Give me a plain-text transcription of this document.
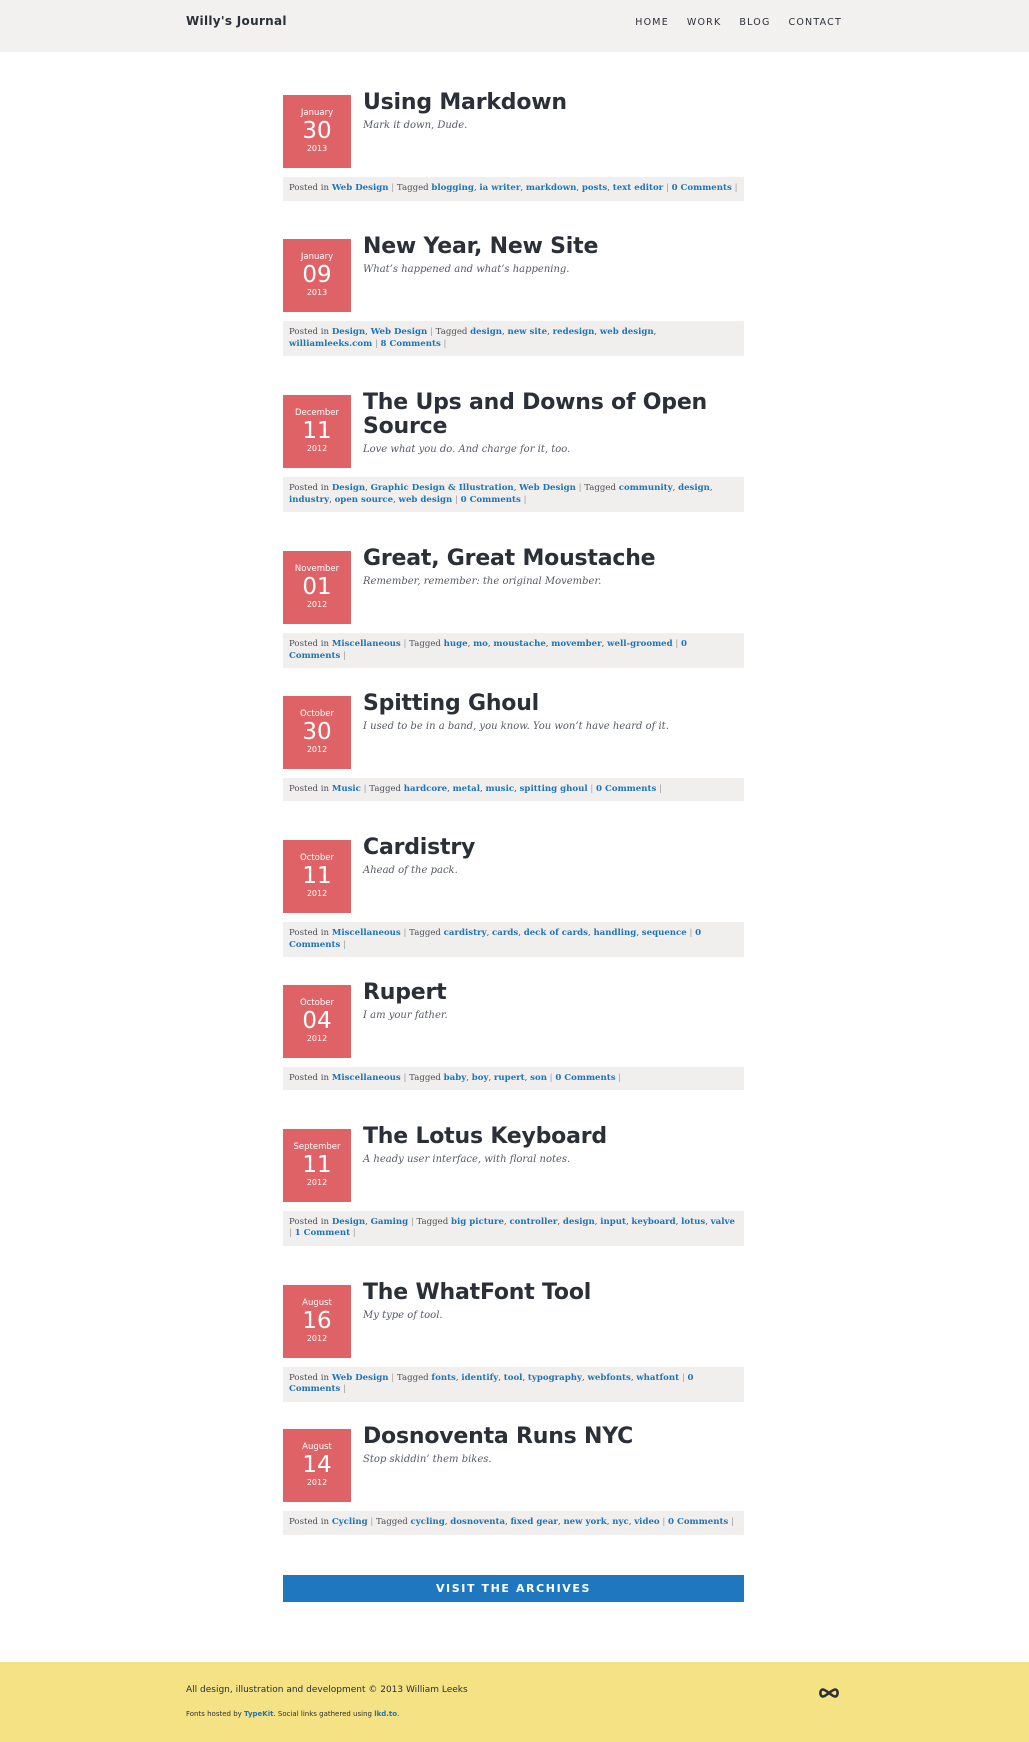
Willy's Journal	HOME WORK BLOG CONTACT
January
30
2013
Using Markdown
Mark it down, Dude.
Posted in Web Design | Tagged blogging, ia writer, markdown, posts, text editor | 0 Comments |
January
09
2013
New Year, New Site
What’s happened and what’s happening.
Posted in Design, Web Design | Tagged design, new site, redesign, web design, williamleeks.com | 8 Comments |
December
11
2012
The Ups and Downs of Open Source
Love what you do. And charge for it, too.
Posted in Design, Graphic Design & Illustration, Web Design | Tagged community, design, industry, open source, web design | 0 Comments |
November
01
2012
Great, Great Moustache
Remember, remember: the original Movember.
Posted in Miscellaneous | Tagged huge, mo, moustache, movember, well-groomed | 0 Comments |
October
30
2012
Spitting Ghoul
I used to be in a band, you know. You won’t have heard of it.
Posted in Music | Tagged hardcore, metal, music, spitting ghoul | 0 Comments |
October
11
2012
Cardistry
Ahead of the pack.
Posted in Miscellaneous | Tagged cardistry, cards, deck of cards, handling, sequence | 0 Comments |
October
04
2012
Rupert
I am your father.
Posted in Miscellaneous | Tagged baby, boy, rupert, son | 0 Comments |
September
11
2012
The Lotus Keyboard
A heady user interface, with floral notes.
Posted in Design, Gaming | Tagged big picture, controller, design, input, keyboard, lotus, valve | 1 Comment |
August
16
2012
The WhatFont Tool
My type of tool.
Posted in Web Design | Tagged fonts, identify, tool, typography, webfonts, whatfont | 0 Comments |
August
14
2012
Dosnoventa Runs NYC
Stop skiddin’ them bikes.
Posted in Cycling | Tagged cycling, dosnoventa, fixed gear, new york, nyc, video | 0 Comments |
VISIT THE ARCHIVES
All design, illustration and development © 2013 William Leeks
Fonts hosted by TypeKit. Social links gathered using lkd.to.
